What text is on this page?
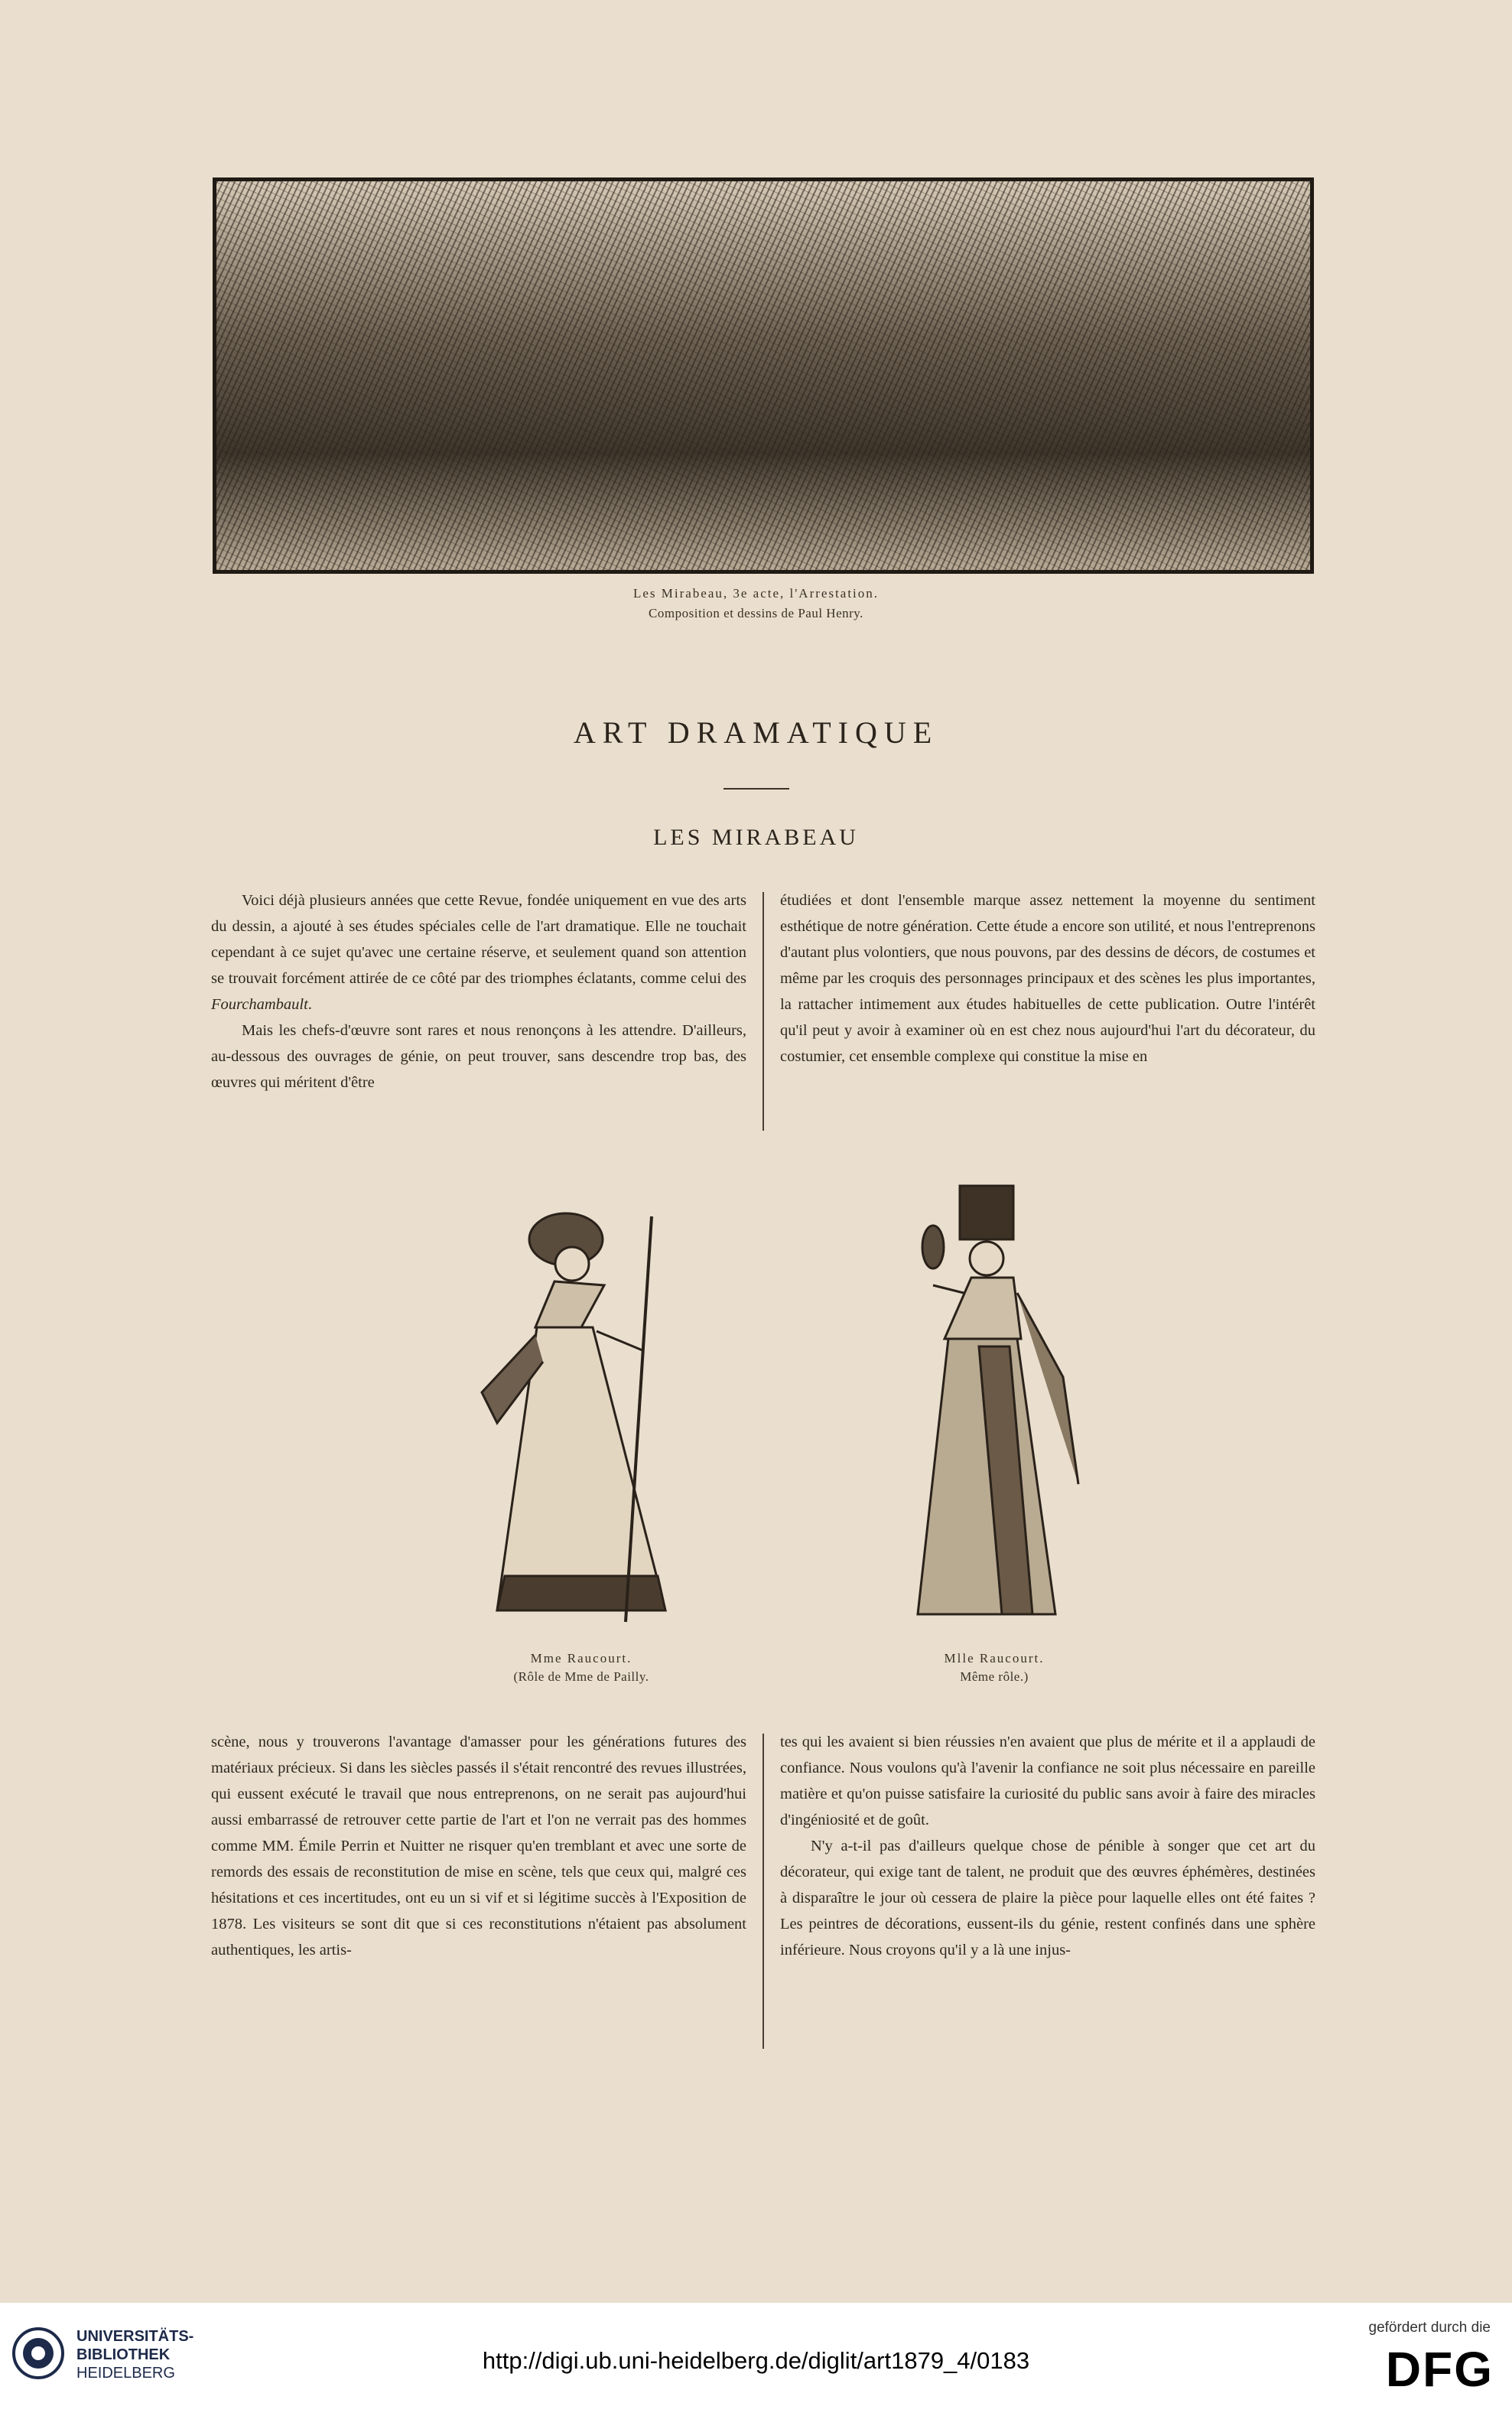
Les Mirabeau, 3e acte, l'Arrestation.
Composition et dessins de Paul Henry.
ART DRAMATIQUE
LES MIRABEAU

Voici déjà plusieurs années que cette Revue, fondée uniquement en vue des arts du dessin, a ajouté à ses études spéciales celle de l'art dramatique. Elle ne touchait cependant à ce sujet qu'avec une certaine réserve, et seulement quand son attention se trouvait forcément attirée de ce côté par des triomphes éclatants, comme celui des Fourchambault.

Mais les chefs-d'œuvre sont rares et nous renonçons à les attendre. D'ailleurs, au-dessous des ouvrages de génie, on peut trouver, sans descendre trop bas, des œuvres qui méritent d'être

étudiées et dont l'ensemble marque assez nettement la moyenne du sentiment esthétique de notre génération. Cette étude a encore son utilité, et nous l'entreprenons d'autant plus volontiers, que nous pouvons, par des dessins de décors, de costumes et même par les croquis des personnages principaux et des scènes les plus importantes, la rattacher intimement aux études habituelles de cette publication. Outre l'intérêt qu'il peut y avoir à examiner où en est chez nous aujourd'hui l'art du décorateur, du costumier, cet ensemble complexe qui constitue la mise en

Mme Raucourt.
(Rôle de Mme de Pailly.
Mlle Raucourt.
Même rôle.)

scène, nous y trouverons l'avantage d'amasser pour les générations futures des matériaux précieux. Si dans les siècles passés il s'était rencontré des revues illustrées, qui eussent exécuté le travail que nous entreprenons, on ne serait pas aujourd'hui aussi embarrassé de retrouver cette partie de l'art et l'on ne verrait pas des hommes comme MM. Émile Perrin et Nuitter ne risquer qu'en tremblant et avec une sorte de remords des essais de reconstitution de mise en scène, tels que ceux qui, malgré ces hésitations et ces incertitudes, ont eu un si vif et si légitime succès à l'Exposition de 1878. Les visiteurs se sont dit que si ces reconstitutions n'étaient pas absolument authentiques, les artis-

tes qui les avaient si bien réussies n'en avaient que plus de mérite et il a applaudi de confiance. Nous voulons qu'à l'avenir la confiance ne soit plus nécessaire en pareille matière et qu'on puisse satisfaire la curiosité du public sans avoir à faire des miracles d'ingéniosité et de goût.

N'y a-t-il pas d'ailleurs quelque chose de pénible à songer que cet art du décorateur, qui exige tant de talent, ne produit que des œuvres éphémères, destinées à disparaître le jour où cessera de plaire la pièce pour laquelle elles ont été faites ? Les peintres de décorations, eussent-ils du génie, restent confinés dans une sphère inférieure. Nous croyons qu'il y a là une injus-

UNIVERSITÄTS-
BIBLIOTHEK
HEIDELBERG	http://digi.ub.uni-heidelberg.de/diglit/art1879_4/0183
gefördert durch die
DFG
